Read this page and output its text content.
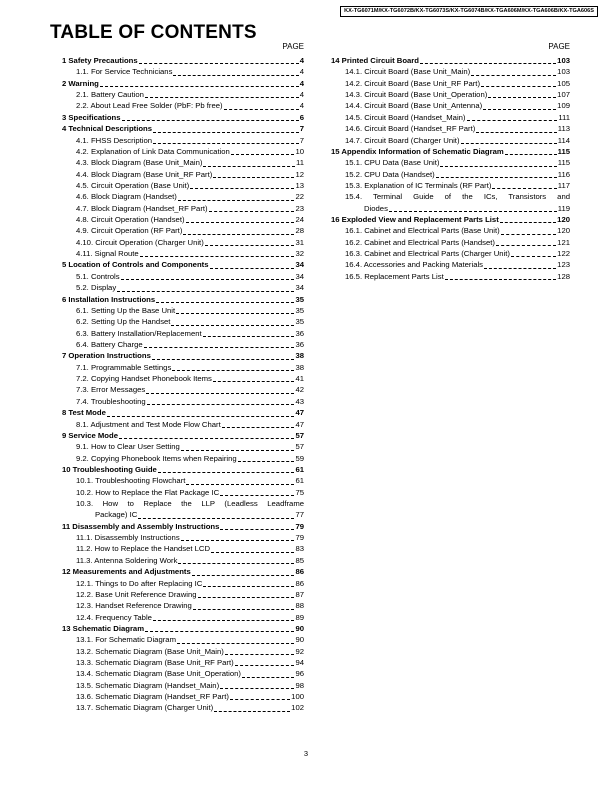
KX-TG6071M/KX-TG6072B/KX-TG6073S/KX-TG6074B/KX-TGA606M/KX-TGA606B/KX-TGA606S
TABLE OF CONTENTS
PAGE
1 Safety Precautions	4
1.1. For Service Technicians	4
2 Warning	4
2.1. Battery Caution	4
2.2. About Lead Free Solder (PbF: Pb free)	4
3 Specifications	6
4 Technical Descriptions	7
4.1. FHSS Description	7
4.2. Explanation of Link Data Communication	10
4.3. Block Diagram (Base Unit_Main)	11
4.4. Block Diagram (Base Unit_RF Part)	12
4.5. Circuit Operation (Base Unit)	13
4.6. Block Diagram (Handset)	22
4.7. Block Diagram (Handset_RF Part)	23
4.8. Circuit Operation (Handset)	24
4.9. Circuit Operation (RF Part)	28
4.10. Circuit Operation (Charger Unit)	31
4.11. Signal Route	32
5 Location of Controls and Components	34
5.1. Controls	34
5.2. Display	34
6 Installation Instructions	35
6.1. Setting Up the Base Unit	35
6.2. Setting Up the Handset	35
6.3. Battery Installation/Replacement	36
6.4. Battery Charge	36
7 Operation Instructions	38
7.1. Programmable Settings	38
7.2. Copying Handset Phonebook Items	41
7.3. Error Messages	42
7.4. Troubleshooting	43
8 Test Mode	47
8.1. Adjustment and Test Mode Flow Chart	47
9 Service Mode	57
9.1. How to Clear User Setting	57
9.2. Copying Phonebook Items when Repairing	59
10 Troubleshooting Guide	61
10.1. Troubleshooting Flowchart	61
10.2. How to Replace the Flat Package IC	75
10.3. How to Replace the LLP (Leadless Leadframe
Package) IC	77
11 Disassembly and Assembly Instructions	79
11.1. Disassembly Instructions	79
11.2. How to Replace the Handset LCD	83
11.3. Antenna Soldering Work	85
12 Measurements and Adjustments	86
12.1. Things to Do after Replacing IC	86
12.2. Base Unit Reference Drawing	87
12.3. Handset Reference Drawing	88
12.4. Frequency Table	89
13 Schematic Diagram	90
13.1. For Schematic Diagram	90
13.2. Schematic Diagram (Base Unit_Main)	92
13.3. Schematic Diagram (Base Unit_RF Part)	94
13.4. Schematic Diagram (Base Unit_Operation)	96
13.5. Schematic Diagram (Handset_Main)	98
13.6. Schematic Diagram (Handset_RF Part)	100
13.7. Schematic Diagram (Charger Unit)	102
PAGE
14 Printed Circuit Board	103
14.1. Circuit Board (Base Unit_Main)	103
14.2. Circuit Board (Base Unit_RF Part)	105
14.3. Circuit Board (Base Unit_Operation)	107
14.4. Circuit Board (Base Unit_Antenna)	109
14.5. Circuit Board (Handset_Main)	111
14.6. Circuit Board (Handset_RF Part)	113
14.7. Circuit Board (Charger Unit)	114
15 Appendix Information of Schematic Diagram	115
15.1. CPU Data (Base Unit)	115
15.2. CPU Data (Handset)	116
15.3. Explanation of IC Terminals (RF Part)	117
15.4. Terminal Guide of the ICs, Transistors and
Diodes	119
16 Exploded View and Replacement Parts List	120
16.1. Cabinet and Electrical Parts (Base Unit)	120
16.2. Cabinet and Electrical Parts (Handset)	121
16.3. Cabinet and Electrical Parts (Charger Unit)	122
16.4. Accessories and Packing Materials	123
16.5. Replacement Parts List	128
3
